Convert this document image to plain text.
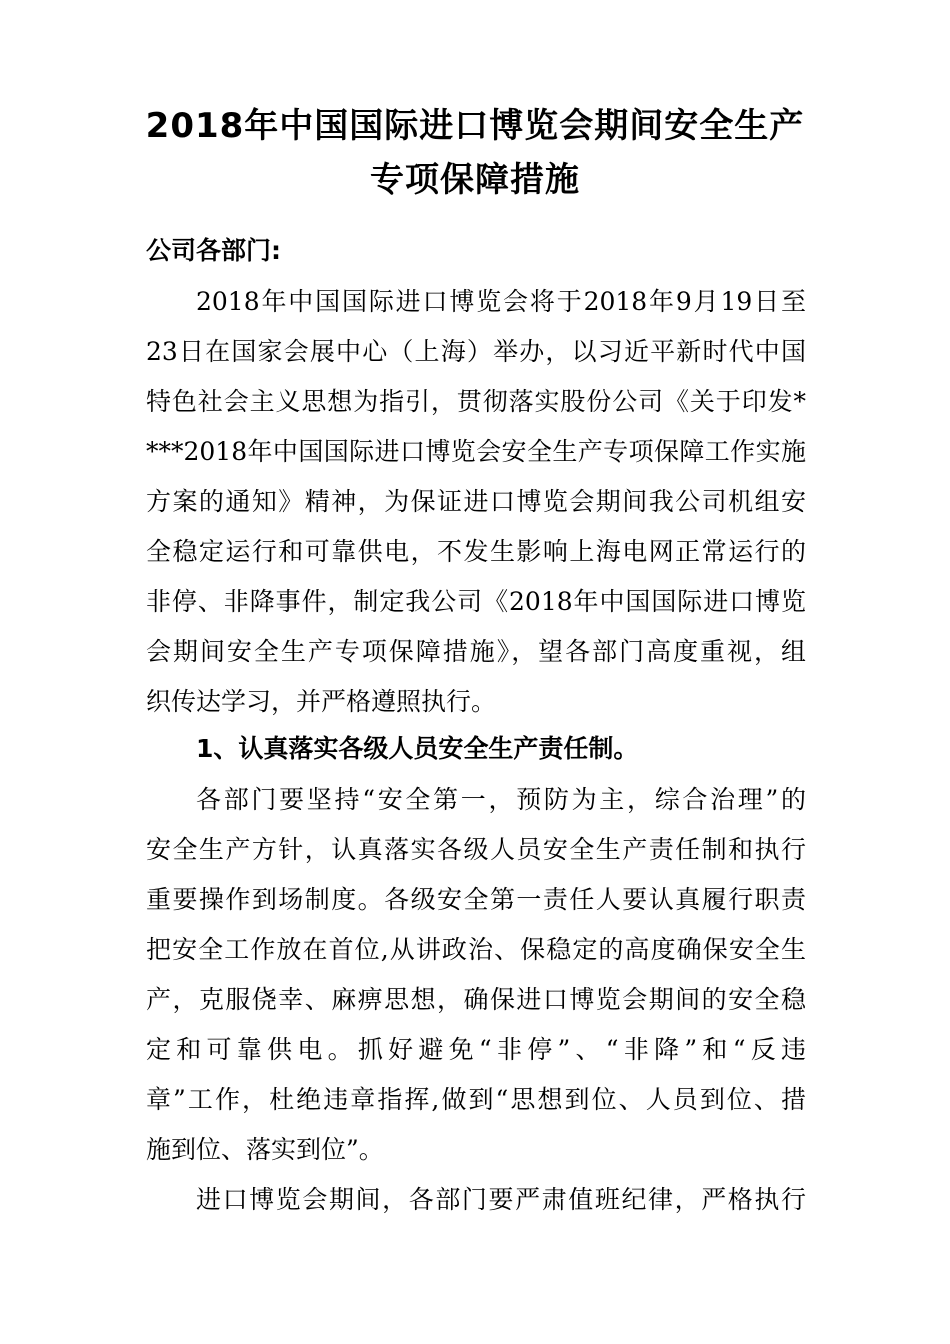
2018年中国国际进口博览会期间安全生产
专项保障措施

公司各部门:

2018年中国国际进口博览会将于2018年9月19日至

23日在国家会展中心（上海）举办，以习近平新时代中国

特色社会主义思想为指引，贯彻落实股份公司《关于印发*

***2018年中国国际进口博览会安全生产专项保障工作实施

方案的通知》精神，为保证进口博览会期间我公司机组安

全稳定运行和可靠供电，不发生影响上海电网正常运行的

非停、非降事件，制定我公司《2018年中国国际进口博览

会期间安全生产专项保障措施》，望各部门高度重视，组

织传达学习，并严格遵照执行。

1、认真落实各级人员安全生产责任制。

各部门要坚持“安全第一，预防为主，综合治理”的

安全生产方针，认真落实各级人员安全生产责任制和执行

重要操作到场制度。各级安全第一责任人要认真履行职责

把安全工作放在首位,从讲政治、保稳定的高度确保安全生

产，克服侥幸、麻痹思想，确保进口博览会期间的安全稳

定和可靠供电。抓好避免“非停”、“非降”和“反违

章”工作，杜绝违章指挥,做到“思想到位、人员到位、措

施到位、落实到位”。

进口博览会期间，各部门要严肃值班纪律，严格执行
